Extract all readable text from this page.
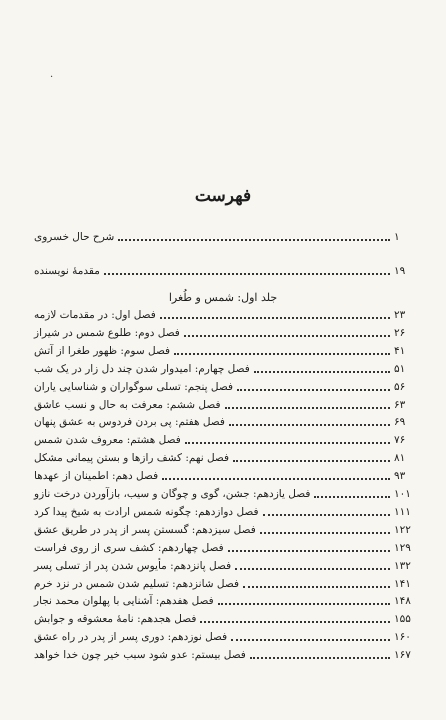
·
فهرست
شرح حال خسروی	۱
مقدمهٔ نویسنده	۱۹
جلد اول: شمس و طُغرا
فصل اول: در مقدمات لازمه	۲۳
فصل دوم: طلوع شمس در شیراز	۲۶
فصل سوم: ظهور طغرا از آتش	۴۱
فصل چهارم: امیدوار شدن چند دل زار در یک شب	۵۱
فصل پنجم: تسلی سوگواران و شناسایی یاران	۵۶
فصل ششم: معرفت به حال و نسب عاشق	۶۳
فصل هفتم: پی بردن فردوس به عشق پنهان	۶۹
فصل هشتم: معروف شدن شمس	۷۶
فصل نهم: کشف رازها و بستن پیمانی مشکل	۸۱
فصل دهم: اطمینان از عهدها	۹۳
فصل یازدهم: جشن، گوی و چوگان و سیب، بازآوردن درخت نازو	۱۰۱
فصل دوازدهم: چگونه شمس ارادت به شیخ پیدا کرد	۱۱۱
فصل سیزدهم: گسستن پسر از پدر در طریق عشق	۱۲۲
فصل چهاردهم: کشف سری از روی فراست	۱۲۹
فصل پانزدهم: مأیوس شدن پدر از تسلی پسر	۱۳۲
فصل شانزدهم: تسلیم شدن شمس در نزد خرم	۱۴۱
فصل هفدهم: آشنایی با پهلوان محمد نجار	۱۴۸
فصل هجدهم: نامهٔ معشوقه و جوابش	۱۵۵
فصل نوزدهم: دوری پسر از پدر در راه عشق	۱۶۰
فصل بیستم: عدو شود سبب خیر چون خدا خواهد	۱۶۷
